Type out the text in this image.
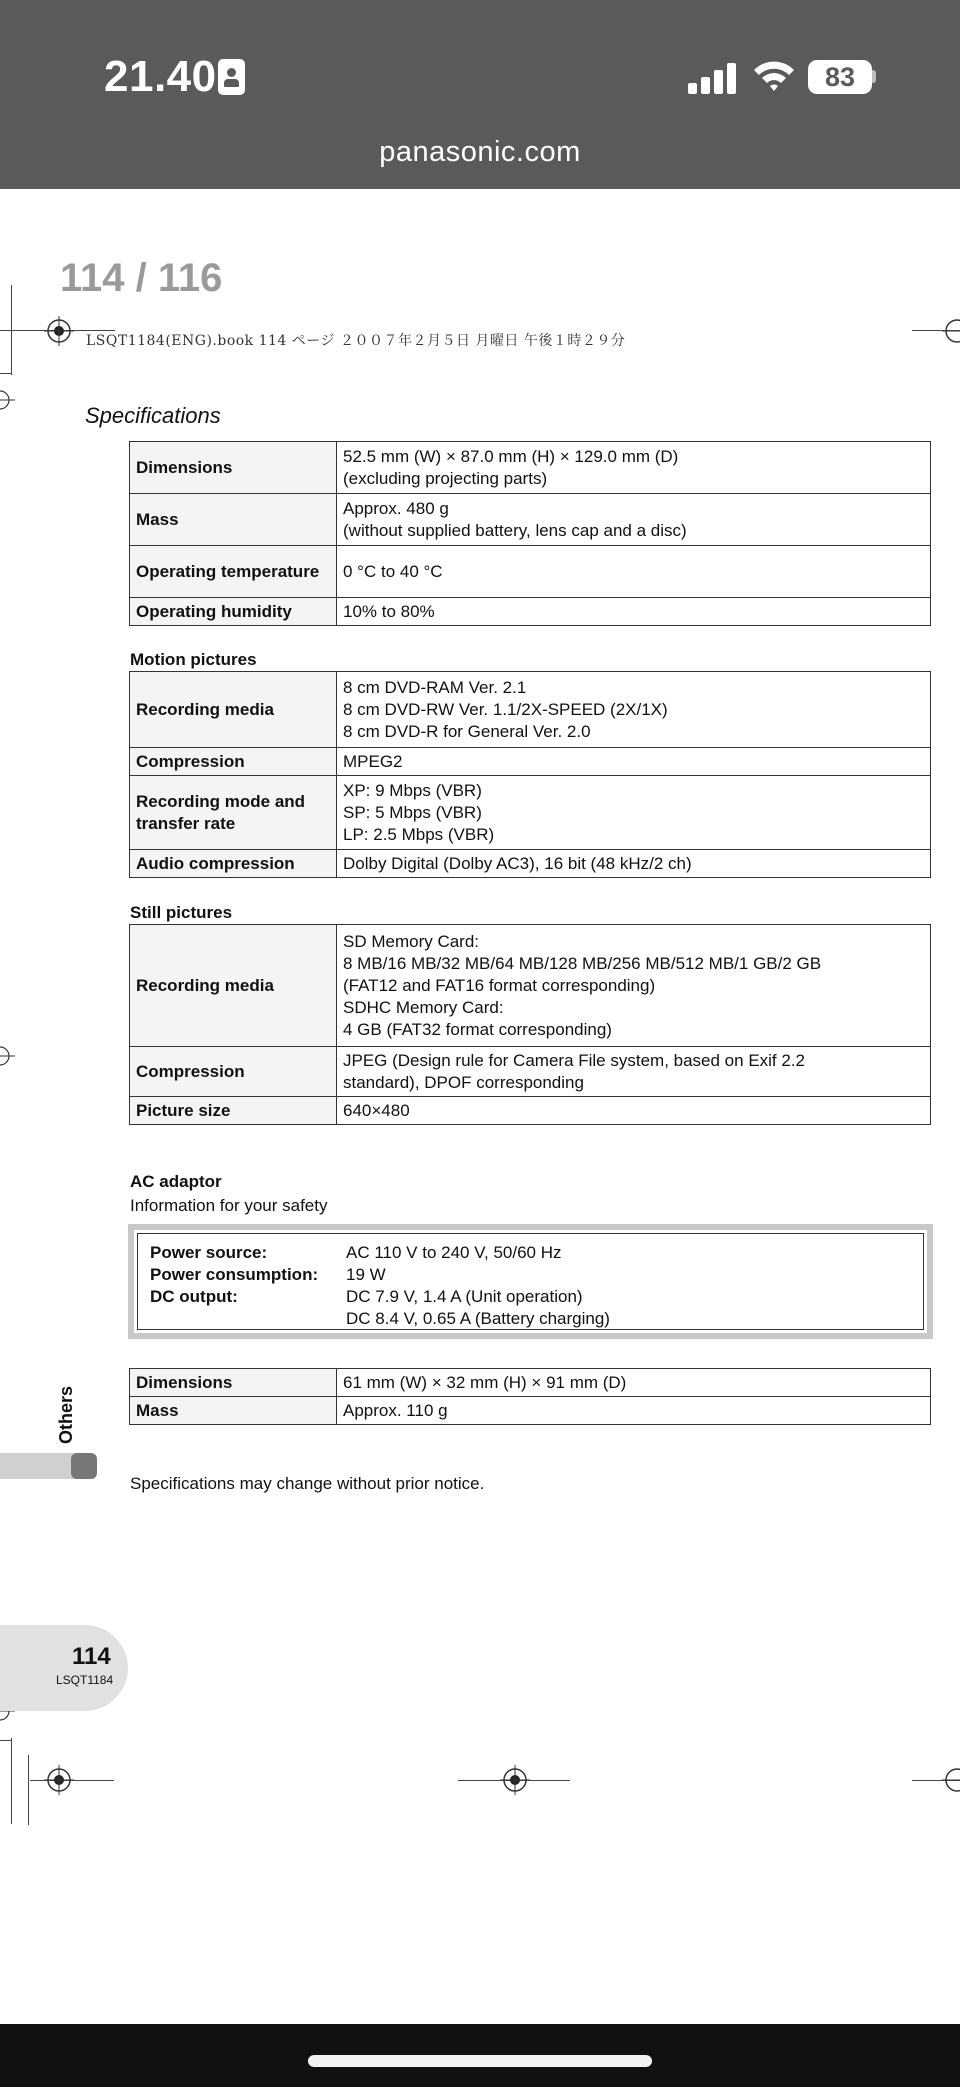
21.40	83
panasonic.com
114 / 116
LSQT1184(ENG).book 114 ページ ２００７年２月５日 月曜日 午後１時２９分
Specifications
Dimensions	52.5 mm (W) × 87.0 mm (H) × 129.0 mm (D)
(excluding projecting parts)

Mass	Approx. 480 g
(without supplied battery, lens cap and a disc)

Operating temperature	0 °C to 40 °C
Operating humidity	10% to 80%
Motion pictures
Recording media	8 cm DVD-RAM Ver. 2.1
8 cm DVD-RW Ver. 1.1/2X-SPEED (2X/1X)
8 cm DVD-R for General Ver. 2.0

Compression	MPEG2
Recording mode and transfer rate	XP: 9 Mbps (VBR)
SP: 5 Mbps (VBR)
LP: 2.5 Mbps (VBR)

Audio compression	Dolby Digital (Dolby AC3), 16 bit (48 kHz/2 ch)
Still pictures
Recording media	SD Memory Card:
8 MB/16 MB/32 MB/64 MB/128 MB/256 MB/512 MB/1 GB/2 GB
(FAT12 and FAT16 format corresponding)
SDHC Memory Card:
4 GB (FAT32 format corresponding)

Compression	JPEG (Design rule for Camera File system, based on Exif 2.2
standard), DPOF corresponding

Picture size	640×480
AC adaptor
Information for your safety
Power source:	AC 110 V to 240 V, 50/60 Hz
Power consumption: 19 W
DC output:	DC 7.9 V, 1.4 A (Unit operation)
DC 8.4 V, 0.65 A (Battery charging)
Dimensions	61 mm (W) × 32 mm (H) × 91 mm (D)
Mass	Approx. 110 g
Others
Specifications may change without prior notice.
114
LSQT1184
